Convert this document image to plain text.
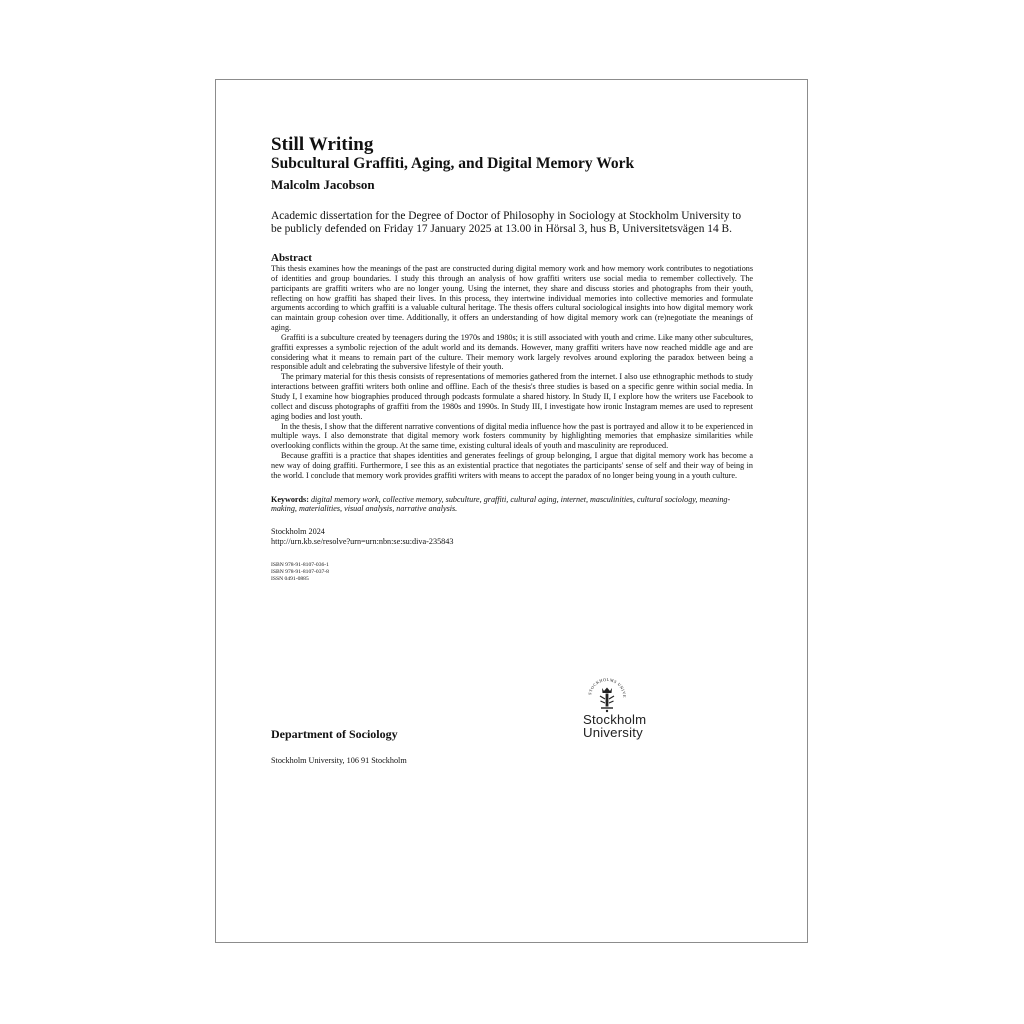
Still Writing
Subcultural Graffiti, Aging, and Digital Memory Work
Malcolm Jacobson
Academic dissertation for the Degree of Doctor of Philosophy in Sociology at Stockholm University to be publicly defended on Friday 17 January 2025 at 13.00 in Hörsal 3, hus B, Universitetsvägen 14 B.
Abstract

This thesis examines how the meanings of the past are constructed during digital memory work and how memory work contributes to negotiations of identities and group boundaries. I study this through an analysis of how graffiti writers use social media to remember collectively. The participants are graffiti writers who are no longer young. Using the internet, they share and discuss stories and photographs from their youth, reflecting on how graffiti has shaped their lives. In this process, they intertwine individual memories into collective memories and formulate arguments according to which graffiti is a valuable cultural heritage. The thesis offers cultural sociological insights into how digital memory work can maintain group cohesion over time. Additionally, it offers an understanding of how digital memory work can (re)negotiate the meanings of aging.

Graffiti is a subculture created by teenagers during the 1970s and 1980s; it is still associated with youth and crime. Like many other subcultures, graffiti expresses a symbolic rejection of the adult world and its demands. However, many graffiti writers have now reached middle age and are considering what it means to remain part of the culture. Their memory work largely revolves around exploring the paradox between being a responsible adult and celebrating the subversive lifestyle of their youth.

The primary material for this thesis consists of representations of memories gathered from the internet. I also use ethnographic methods to study interactions between graffiti writers both online and offline. Each of the thesis's three studies is based on a specific genre within social media. In Study I, I examine how biographies produced through podcasts formulate a shared history. In Study II, I explore how the writers use Facebook to collect and discuss photographs of graffiti from the 1980s and 1990s. In Study III, I investigate how ironic Instagram memes are used to represent aging bodies and lost youth.

In the thesis, I show that the different narrative conventions of digital media influence how the past is portrayed and allow it to be experienced in multiple ways. I also demonstrate that digital memory work fosters community by highlighting memories that emphasize similarities while overlooking conflicts within the group. At the same time, existing cultural ideals of youth and masculinity are reproduced.

Because graffiti is a practice that shapes identities and generates feelings of group belonging, I argue that digital memory work has become a new way of doing graffiti. Furthermore, I see this as an existential practice that negotiates the participants' sense of self and their way of being in the world. I conclude that memory work provides graffiti writers with means to accept the paradox of no longer being young in a youth culture.

Keywords: digital memory work, collective memory, subculture, graffiti, cultural aging, internet, masculinities, cultural sociology, meaning-making, materialities, visual analysis, narrative analysis.
Stockholm 2024
http://urn.kb.se/resolve?urn=urn:nbn:se:su:diva-235843
ISBN 978-91-8107-036-1
ISBN 978-91-8107-037-8
ISSN 0491-0885
STOCKHOLMS UNIVE
Stockholm
University
Department of Sociology
Stockholm University, 106 91 Stockholm
